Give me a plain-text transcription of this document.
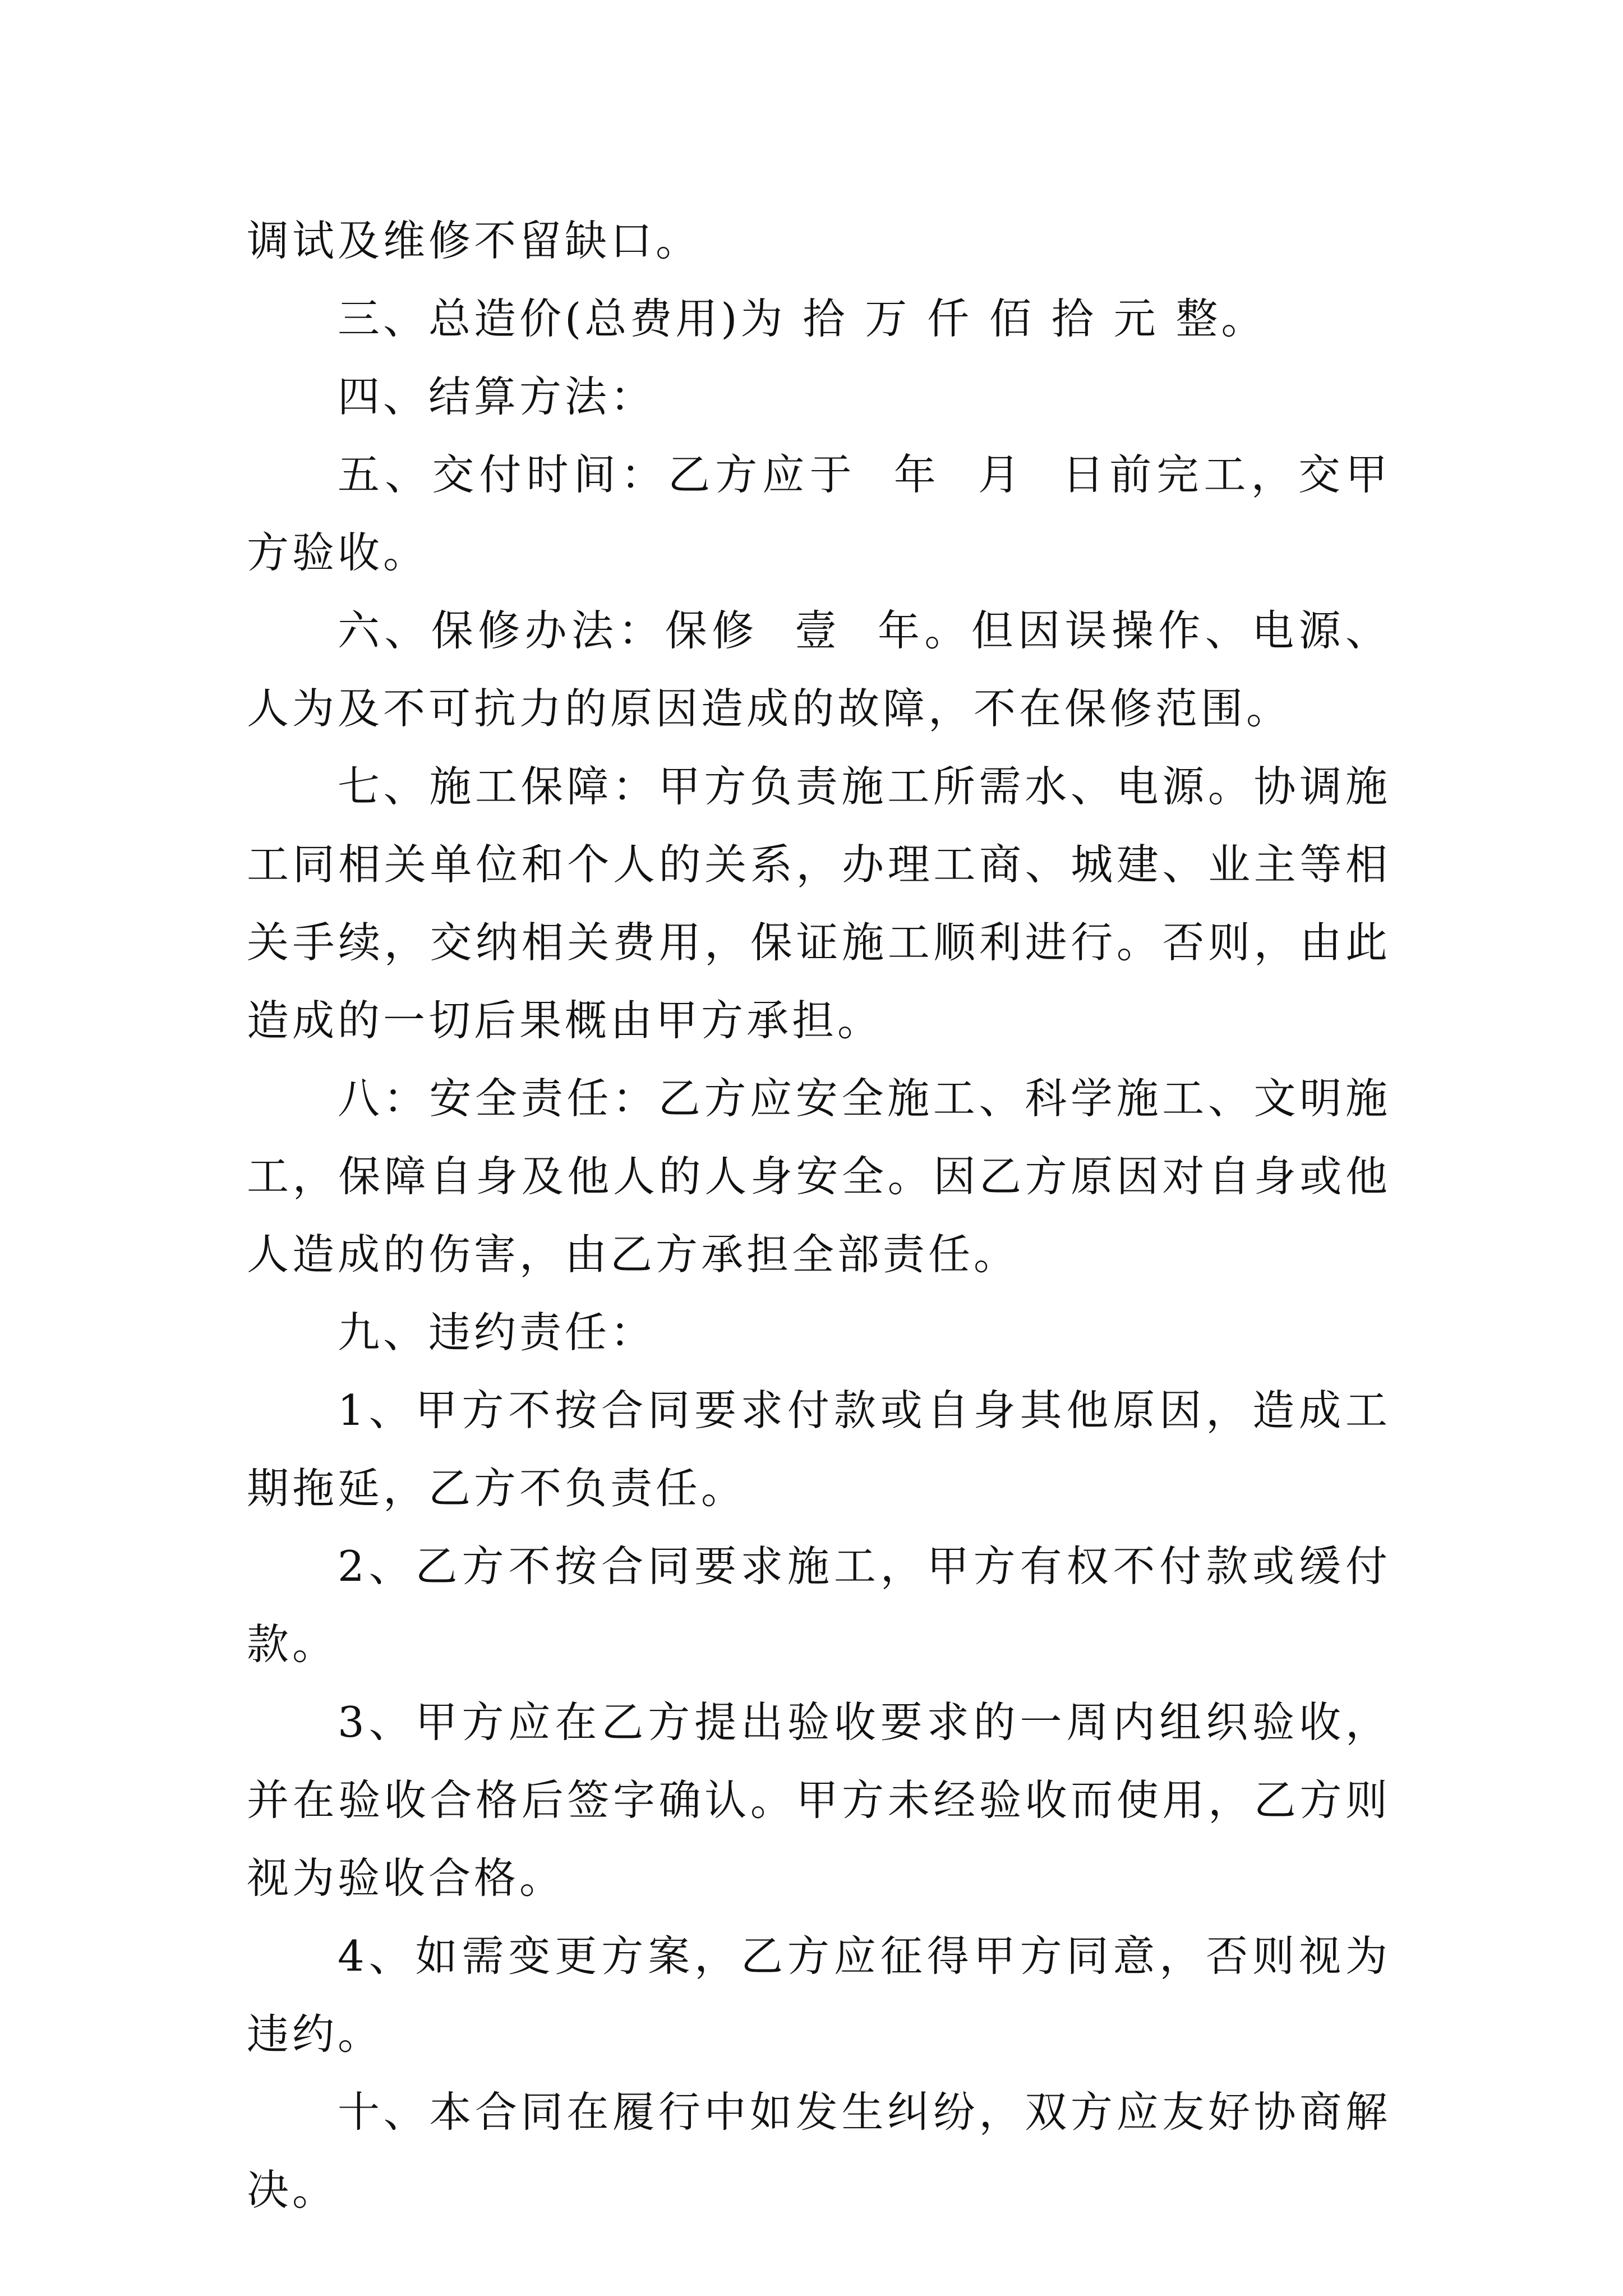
调试及维修不留缺口。

三、总造价(总费用)为 拾 万 仟 佰 拾 元 整。

四、结算方法：

五、交付时间：乙方应于  年  月  日前完工，交甲方验收。

六、保修办法：保修  壹  年。但因误操作、电源、人为及不可抗力的原因造成的故障，不在保修范围。

七、施工保障：甲方负责施工所需水、电源。协调施工同相关单位和个人的关系，办理工商、城建、业主等相关手续，交纳相关费用，保证施工顺利进行。否则，由此造成的一切后果概由甲方承担。

八：安全责任：乙方应安全施工、科学施工、文明施工，保障自身及他人的人身安全。因乙方原因对自身或他人造成的伤害，由乙方承担全部责任。

九、违约责任：

1、甲方不按合同要求付款或自身其他原因，造成工期拖延，乙方不负责任。

2、乙方不按合同要求施工，甲方有权不付款或缓付款。

3、甲方应在乙方提出验收要求的一周内组织验收，并在验收合格后签字确认。甲方未经验收而使用，乙方则视为验收合格。

4、如需变更方案，乙方应征得甲方同意，否则视为违约。

十、本合同在履行中如发生纠纷，双方应友好协商解决。
